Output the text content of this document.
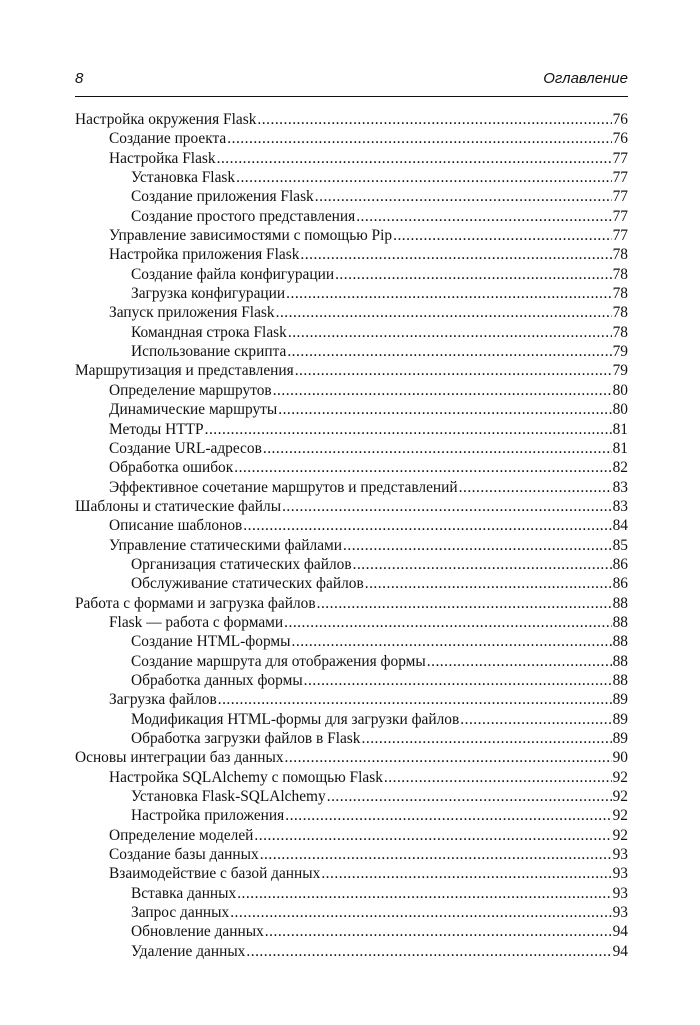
8	Оглавление
Настройка окружения Flask .....	76
Создание проекта .....	76
Настройка Flask .....	77
Установка Flask .....	77
Создание приложения Flask .....	77
Создание простого представления .....	77
Управление зависимостями с помощью Pip .....	77
Настройка приложения Flask .....	78
Создание файла конфигурации .....	78
Загрузка конфигурации .....	78
Запуск приложения Flask .....	78
Командная строка Flask .....	78
Использование скрипта .....	79
Маршрутизация и представления .....	79
Определение маршрутов .....	80
Динамические маршруты .....	80
Методы HTTP .....	81
Создание URL-адресов .....	81
Обработка ошибок .....	82
Эффективное сочетание маршрутов и представлений .....	83
Шаблоны и статические файлы .....	83
Описание шаблонов .....	84
Управление статическими файлами .....	85
Организация статических файлов .....	86
Обслуживание статических файлов .....	86
Работа с формами и загрузка файлов .....	88
Flask — работа с формами .....	88
Создание HTML-формы .....	88
Создание маршрута для отображения формы .....	88
Обработка данных формы .....	88
Загрузка файлов .....	89
Модификация HTML-формы для загрузки файлов .....	89
Обработка загрузки файлов в Flask .....	89
Основы интеграции баз данных .....	90
Настройка SQLAlchemy с помощью Flask .....	92
Установка Flask-SQLAlchemy .....	92
Настройка приложения .....	92
Определение моделей .....	92
Создание базы данных .....	93
Взаимодействие с базой данных .....	93
Вставка данных .....	93
Запрос данных .....	93
Обновление данных .....	94
Удаление данных .....	94
